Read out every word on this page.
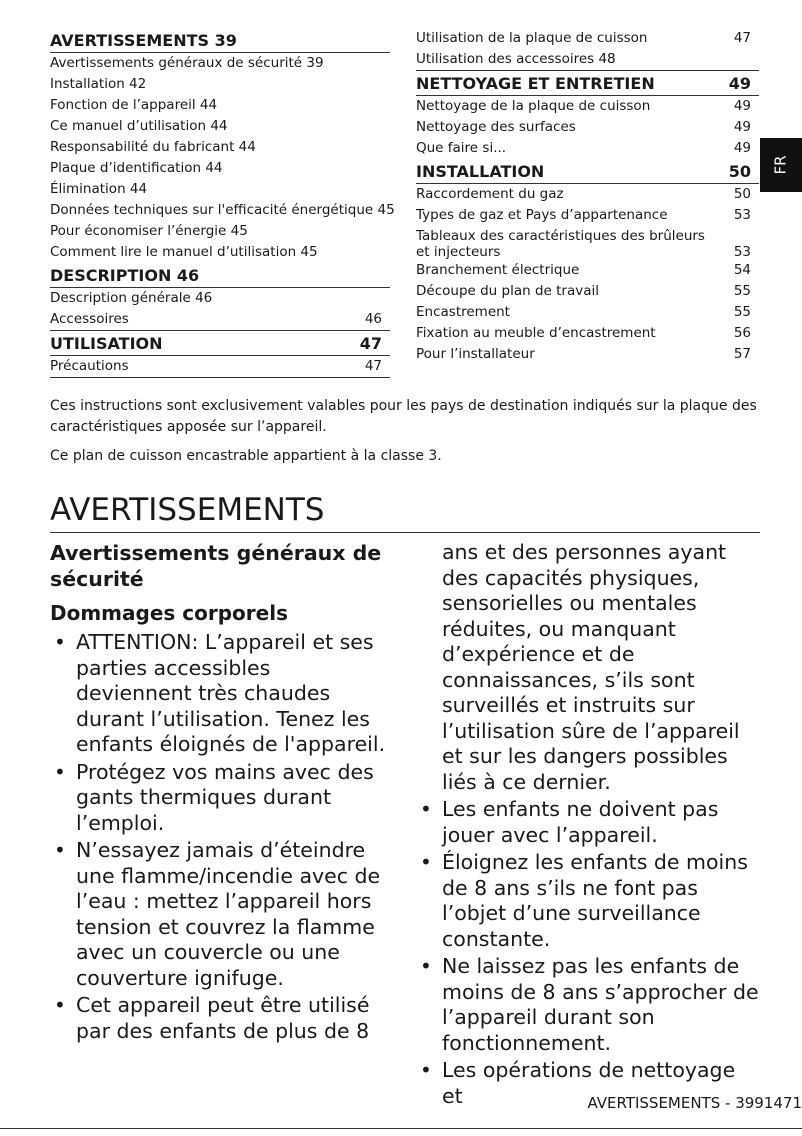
AVERTISSEMENTS 39
Avertissements généraux de sécurité 39
Installation 42
Fonction de l’appareil 44
Ce manuel d’utilisation 44
Responsabilité du fabricant 44
Plaque d’identification 44
Élimination 44
Données techniques sur l'efficacité énergétique 45
Pour économiser l’énergie 45
Comment lire le manuel d’utilisation 45
DESCRIPTION 46
Description générale 46
Accessoires	46
UTILISATION	47
Précautions	47
Utilisation de la plaque de cuisson	47
Utilisation des accessoires 48
NETTOYAGE ET ENTRETIEN	49
Nettoyage de la plaque de cuisson	49
Nettoyage des surfaces	49
Que faire si...	49
INSTALLATION	50
Raccordement du gaz	50
Types de gaz et Pays d’appartenance	53
Tableaux des caractéristiques des brûleurs et injecteurs	53
Branchement électrique	54
Découpe du plan de travail	55
Encastrement	55
Fixation au meuble d’encastrement	56
Pour l’installateur	57
FR

Ces instructions sont exclusivement valables pour les pays de destination indiqués sur la plaque des caractéristiques apposée sur l’appareil.

Ce plan de cuisson encastrable appartient à la classe 3.

AVERTISSEMENTS
Avertissements généraux de sécurité
Dommages corporels
• ATTENTION: L’appareil et ses parties accessibles deviennent très chaudes durant l’utilisation. Tenez les enfants éloignés de l'appareil.
• Protégez vos mains avec des gants thermiques durant l’emploi.
• N’essayez jamais d’éteindre une flamme/incendie avec de l’eau : mettez l’appareil hors tension et couvrez la flamme avec un couvercle ou une couverture ignifuge.
• Cet appareil peut être utilisé par des enfants de plus de 8
ans et des personnes ayant des capacités physiques, sensorielles ou mentales réduites, ou manquant d’expérience et de connaissances, s’ils sont surveillés et instruits sur l’utilisation sûre de l’appareil et sur les dangers possibles liés à ce dernier.
• Les enfants ne doivent pas jouer avec l’appareil.
• Éloignez les enfants de moins de 8 ans s’ils ne font pas l’objet d’une surveillance constante.
• Ne laissez pas les enfants de moins de 8 ans s’approcher de l’appareil durant son fonctionnement.
• Les opérations de nettoyage et	AVERTISSEMENTS - 3991471
